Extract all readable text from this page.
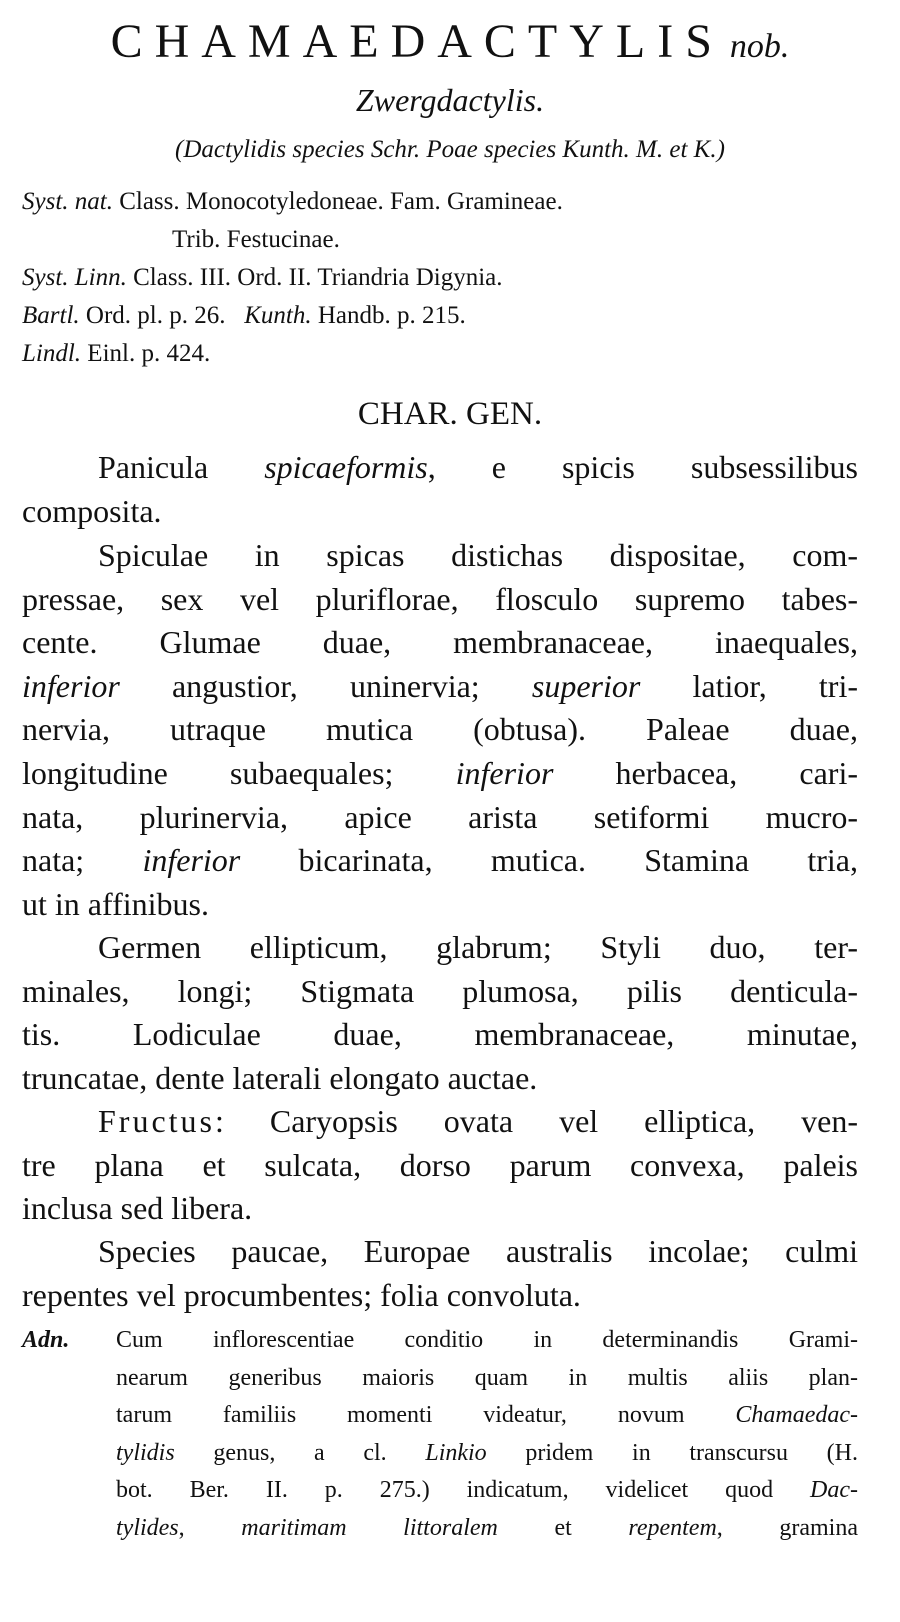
CHAMAEDACTYLIS nob.
Zwergdactylis.
(Dactylidis species Schr. Poae species Kunth. M. et K.)
Syst. nat. Class. Monocotyledoneae. Fam. Gramineae.
Trib. Festucinae.
Syst. Linn. Class. III. Ord. II. Triandria Digynia.
Bartl. Ord. pl. p. 26. Kunth. Handb. p. 215.
Lindl. Einl. p. 424.
CHAR. GEN.
Panicula spicaeformis, e spicis subsessilibus
composita.
Spiculae in spicas distichas dispositae, com-
pressae, sex vel pluriflorae, flosculo supremo tabes-
cente. Glumae duae, membranaceae, inaequales,
inferior angustior, uninervia; superior latior, tri-
nervia, utraque mutica (obtusa). Paleae duae,
longitudine subaequales; inferior herbacea, cari-
nata, plurinervia, apice arista setiformi mucro-
nata; inferior bicarinata, mutica. Stamina tria,
ut in affinibus.
Germen ellipticum, glabrum; Styli duo, ter-
minales, longi; Stigmata plumosa, pilis denticula-
tis. Lodiculae duae, membranaceae, minutae,
truncatae, dente laterali elongato auctae.
Fructus: Caryopsis ovata vel elliptica, ven-
tre plana et sulcata, dorso parum convexa, paleis
inclusa sed libera.
Species paucae, Europae australis incolae; culmi
repentes vel procumbentes; folia convoluta.
Adn. Cum inflorescentiae conditio in determinandis Grami-
nearum generibus maioris quam in multis aliis plan-
tarum familiis momenti videatur, novum Chamaedac-
tylidis genus, a cl. Linkio pridem in transcursu (H.
bot. Ber. II. p. 275.) indicatum, videlicet quod Dac-
tylides, maritimam littoralem et repentem, gramina
